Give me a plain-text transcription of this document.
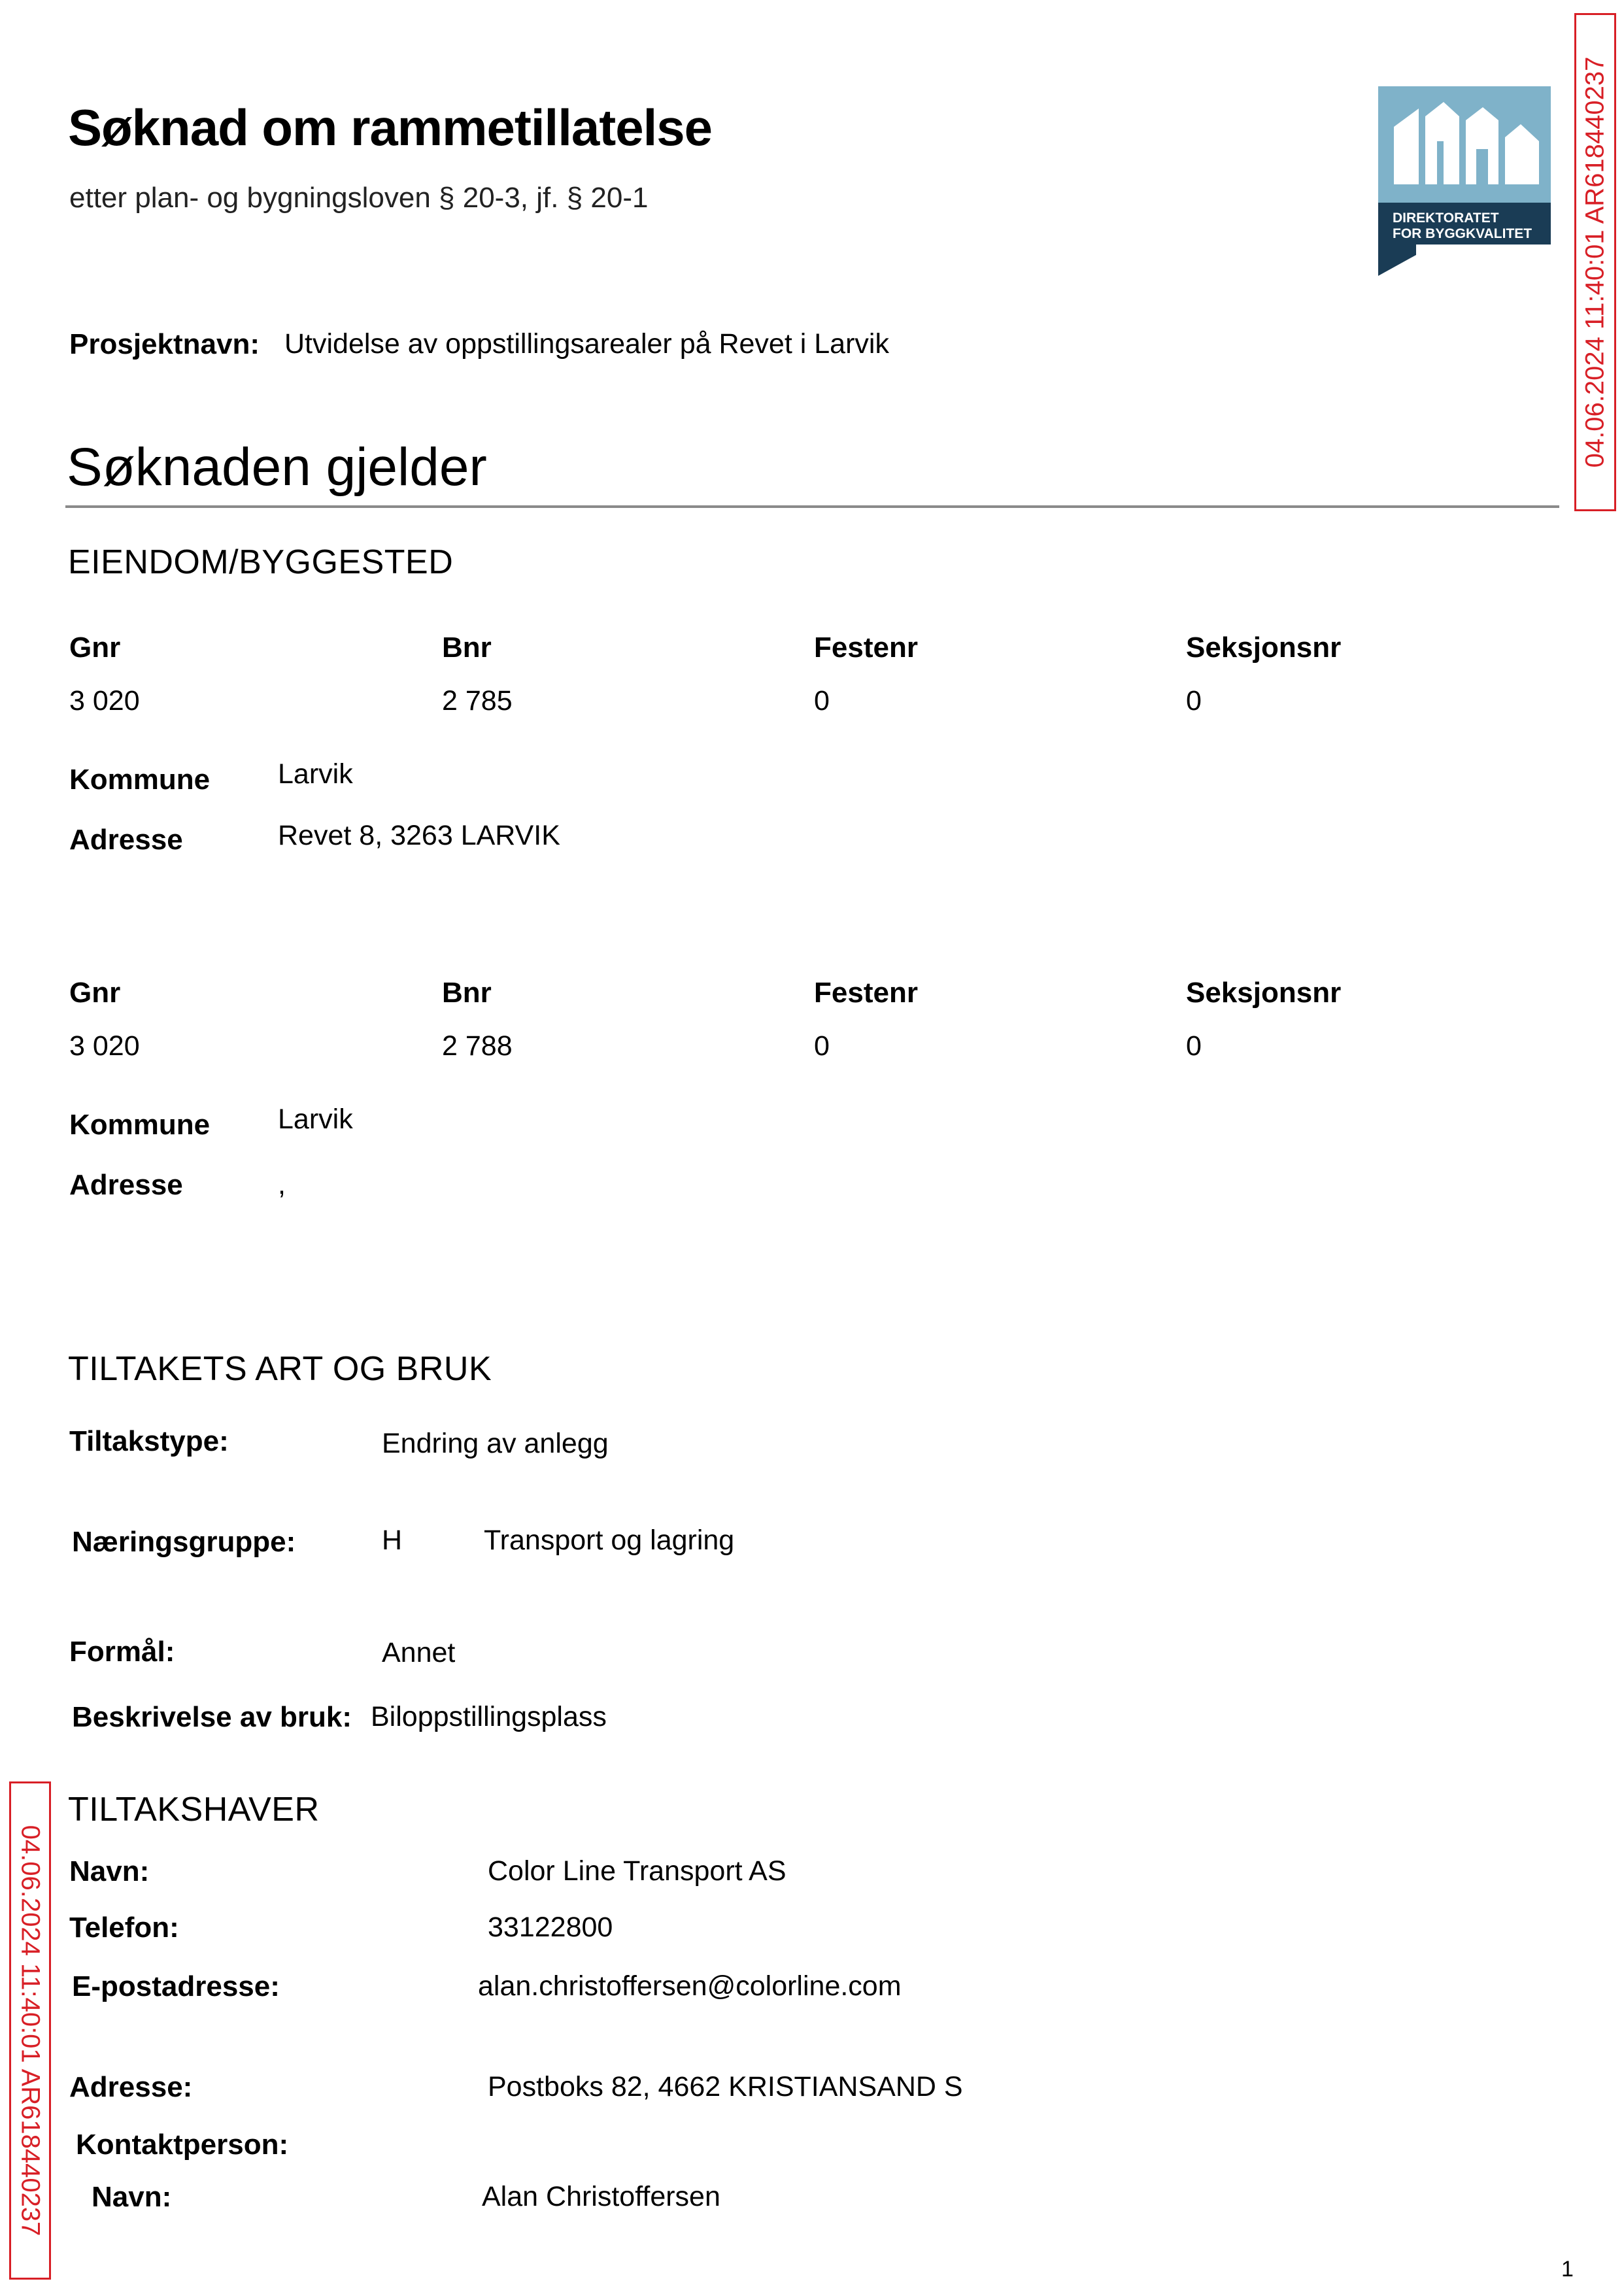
Søknad om rammetillatelse
etter plan- og bygningsloven § 20-3, jf. § 20-1
DIREKTORATET
FOR BYGGKVALITET 04.06.2024 11:40:01 AR618440237
04.06.2024 11:40:01 AR618440237
Prosjektnavn: Utvidelse av oppstillingsarealer på Revet i Larvik
Søknaden gjelder
EIENDOM/BYGGESTED
Gnr	Bnr	Festenr	Seksjonsnr
3 020	2 785	0	0
Kommune Larvik
Adresse	Revet 8, 3263 LARVIK
Gnr	Bnr	Festenr	Seksjonsnr
3 020	2 788	0	0
Kommune Larvik
Adresse	,
TILTAKETS ART OG BRUK
Tiltakstype:	Endring av anlegg
Næringsgruppe:	H	Transport og lagring
Formål:	Annet
Beskrivelse av bruk: Biloppstillingsplass
TILTAKSHAVER
Navn:	Color Line Transport AS
Telefon:	33122800
E-postadresse:	alan.christoffersen@colorline.com
Adresse:	Postboks 82, 4662 KRISTIANSAND S
Kontaktperson:
Navn:	Alan Christoffersen
1
